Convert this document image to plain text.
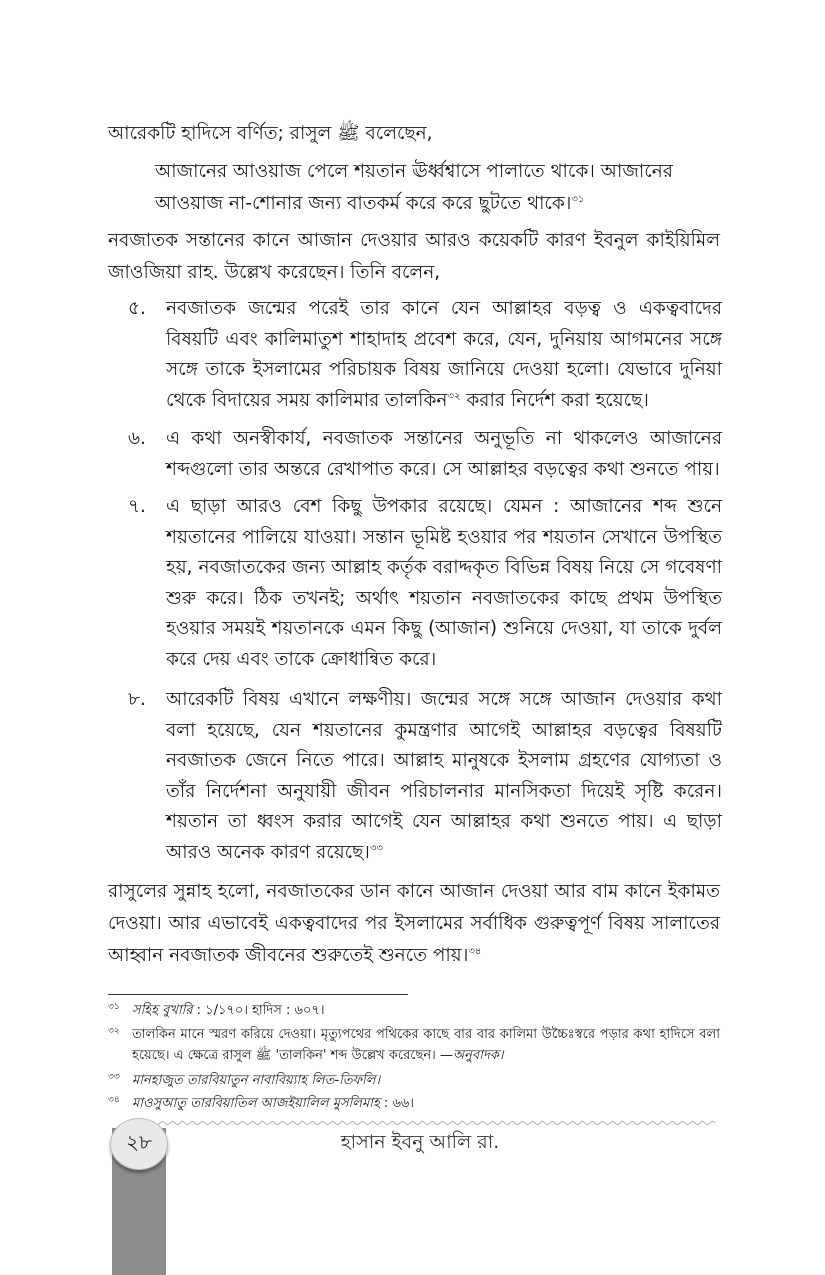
আরেকটি হাদিসে বর্ণিত; রাসুল ﷺ বলেছেন,
আজানের আওয়াজ পেলে শয়তান ঊর্ধ্বশ্বাসে পালাতে থাকে। আজানের আওয়াজ না-শোনার জন্য বাতকর্ম করে করে ছুটতে থাকে।$^{৩১}$
নবজাতক সন্তানের কানে আজান দেওয়ার আরও কয়েকটি কারণ ইবনুল কাইয়িমিল জাওজিয়া রাহ. উল্লেখ করেছেন। তিনি বলেন,
৫.	নবজাতক জন্মের পরেই তার কানে যেন আল্লাহর বড়ত্ব ও একত্ববাদের বিষয়টি এবং কালিমাতুশ শাহাদাহ প্রবেশ করে, যেন, দুনিয়ায় আগমনের সঙ্গে সঙ্গে তাকে ইসলামের পরিচায়ক বিষয় জানিয়ে দেওয়া হলো। যেভাবে দুনিয়া থেকে বিদায়ের সময় কালিমার তালকিন$^{৩২}$ করার নির্দেশ করা হয়েছে।
৬.	এ কথা অনস্বীকার্য, নবজাতক সন্তানের অনুভূতি না থাকলেও আজানের শব্দগুলো তার অন্তরে রেখাপাত করে। সে আল্লাহর বড়ত্বের কথা শুনতে পায়।
৭.	এ ছাড়া আরও বেশ কিছু উপকার রয়েছে। যেমন : আজানের শব্দ শুনে শয়তানের পালিয়ে যাওয়া। সন্তান ভূমিষ্ট হওয়ার পর শয়তান সেখানে উপস্থিত হয়, নবজাতকের জন্য আল্লাহ কর্তৃক বরাদ্দকৃত বিভিন্ন বিষয় নিয়ে সে গবেষণা শুরু করে। ঠিক তখনই; অর্থাৎ শয়তান নবজাতকের কাছে প্রথম উপস্থিত হওয়ার সময়ই শয়তানকে এমন কিছু (আজান) শুনিয়ে দেওয়া, যা তাকে দুর্বল করে দেয় এবং তাকে ক্রোধান্বিত করে।
৮.	আরেকটি বিষয় এখানে লক্ষণীয়। জন্মের সঙ্গে সঙ্গে আজান দেওয়ার কথা বলা হয়েছে, যেন শয়তানের কুমন্ত্রণার আগেই আল্লাহর বড়ত্বের বিষয়টি নবজাতক জেনে নিতে পারে। আল্লাহ মানুষকে ইসলাম গ্রহণের যোগ্যতা ও তাঁর নির্দেশনা অনুযায়ী জীবন পরিচালনার মানসিকতা দিয়েই সৃষ্টি করেন। শয়তান তা ধ্বংস করার আগেই যেন আল্লাহর কথা শুনতে পায়। এ ছাড়া আরও অনেক কারণ রয়েছে।$^{৩৩}$
রাসুলের সুন্নাহ হলো, নবজাতকের ডান কানে আজান দেওয়া আর বাম কানে ইকামত দেওয়া। আর এভাবেই একত্ববাদের পর ইসলামের সর্বাধিক গুরুত্বপূর্ণ বিষয় সালাতের আহ্বান নবজাতক জীবনের শুরুতেই শুনতে পায়।$^{৩৪}$
৩১ সহিহ বুখারি : ১/১৭০। হাদিস : ৬০৭।
৩২ তালকিন মানে স্মরণ করিয়ে দেওয়া। মৃত্যুপথের পথিকের কাছে বার বার কালিমা উচ্চৈঃস্বরে পড়ার কথা হাদিসে বলা হয়েছে। এ ক্ষেত্রে রাসুল ﷺ 'তালকিন' শব্দ উল্লেখ করেছেন। —অনুবাদক।
৩৩ মানহাজুত তারবিয়াতুন নাবাবিয়্যাহ লিত-তিফলি।
৩৪ মাওসুআতু তারবিয়াতিল আজইয়ালিল মুসলিমাহ : ৬৬।
২৮	হাসান ইবনু আলি রা.
